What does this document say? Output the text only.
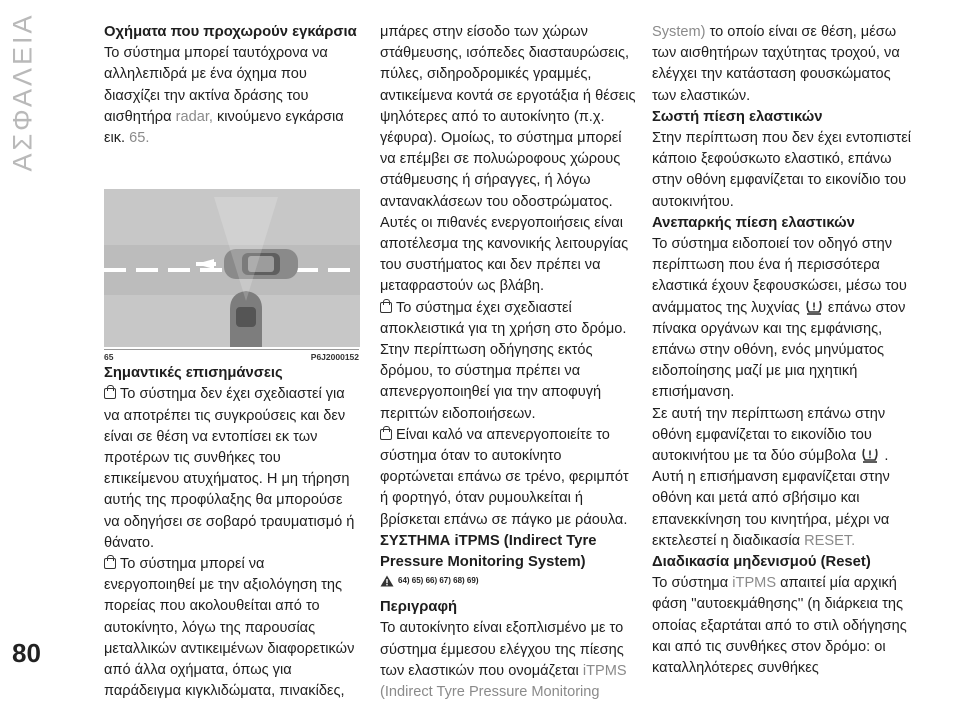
ΑΣΦΑΛΕΙΑ
80

Οχήματα που προχωρούν εγκάρσια

Το σύστημα μπορεί ταυτόχρονα να αλληλεπιδρά με ένα όχημα που διασχίζει την ακτίνα δράσης του αισθητήρα radar, κινούμενο εγκάρσια εικ. 65.

65	P6J2000152

Σημαντικές επισημάνσεις

Το σύστημα δεν έχει σχεδιαστεί για να αποτρέπει τις συγκρούσεις και δεν είναι σε θέση να εντοπίσει εκ των προτέρων τις συνθήκες του επικείμενου ατυχήματος. Η μη τήρηση αυτής της προφύλαξης θα μπορούσε να οδηγήσει σε σοβαρό τραυματισμό ή θάνατο.

Το σύστημα μπορεί να ενεργοποιηθεί με την αξιολόγηση της πορείας που ακολουθείται από το αυτοκίνητο, λόγω της παρουσίας μεταλλικών αντικειμένων διαφορετικών από άλλα οχήματα, όπως για παράδειγμα κιγκλιδώματα, πινακίδες,

μπάρες στην είσοδο των χώρων στάθμευσης, ισόπεδες διασταυρώσεις, πύλες, σιδηροδρομικές γραμμές, αντικείμενα κοντά σε εργοτάξια ή θέσεις ψηλότερες από το αυτοκίνητο (π.χ. γέφυρα). Ομοίως, το σύστημα μπορεί να επέμβει σε πολυώροφους χώρους στάθμευσης ή σήραγγες, ή λόγω αντανακλάσεων του οδοστρώματος. Αυτές οι πιθανές ενεργοποιήσεις είναι αποτέλεσμα της κανονικής λειτουργίας του συστήματος και δεν πρέπει να μεταφραστούν ως βλάβη.

Το σύστημα έχει σχεδιαστεί αποκλειστικά για τη χρήση στο δρόμο. Στην περίπτωση οδήγησης εκτός δρόμου, το σύστημα πρέπει να απενεργοποιηθεί για την αποφυγή περιττών ειδοποιήσεων.

Είναι καλό να απενεργοποιείτε το σύστημα όταν το αυτοκίνητο φορτώνεται επάνω σε τρένο, φεριμπότ ή φορτηγό, όταν ρυμουλκείται ή βρίσκεται επάνω σε πάγκο με ράουλα.

ΣΥΣΤΗΜΑ iTPMS (Indirect Tyre Pressure Monitoring System)

64) 65) 66) 67) 68) 69)

Περιγραφή

Το αυτοκίνητο είναι εξοπλισμένο με το σύστημα έμμεσου ελέγχου της πίεσης των ελαστικών που ονομάζεται iTPMS (Indirect Tyre Pressure Monitoring

System) το οποίο είναι σε θέση, μέσω των αισθητήρων ταχύτητας τροχού, να ελέγχει την κατάσταση φουσκώματος των ελαστικών.

Σωστή πίεση ελαστικών

Στην περίπτωση που δεν έχει εντοπιστεί κάποιο ξεφούσκωτο ελαστικό, επάνω στην οθόνη εμφανίζεται το εικονίδιο του αυτοκινήτου.

Ανεπαρκής πίεση ελαστικών

Το σύστημα ειδοποιεί τον οδηγό στην περίπτωση που ένα ή περισσότερα ελαστικά έχουν ξεφουσκώσει, μέσω του ανάμματος της λυχνίας επάνω στον πίνακα οργάνων και της εμφάνισης, επάνω στην οθόνη, ενός μηνύματος ειδοποίησης μαζί με μια ηχητική επισήμανση.

Σε αυτή την περίπτωση επάνω στην οθόνη εμφανίζεται το εικονίδιο του αυτοκινήτου με τα δύο σύμβολα .

Αυτή η επισήμανση εμφανίζεται στην οθόνη και μετά από σβήσιμο και επανεκκίνηση του κινητήρα, μέχρι να εκτελεστεί η διαδικασία RESET.

Διαδικασία μηδενισμού (Reset)

Το σύστημα iTPMS απαιτεί μία αρχική φάση ''αυτοεκμάθησης'' (η διάρκεια της οποίας εξαρτάται από το στιλ οδήγησης και από τις συνθήκες στον δρόμο: οι καταλληλότερες συνθήκες
